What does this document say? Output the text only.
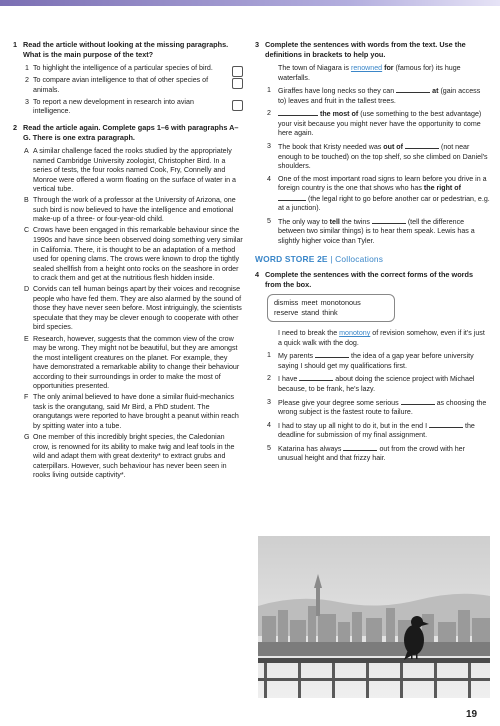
1 Read the article without looking at the missing paragraphs. What is the main purpose of the text?
1 To highlight the intelligence of a particular species of bird.
2 To compare avian intelligence to that of other species of animals.
3 To report a new development in research into avian intelligence.
2 Read the article again. Complete gaps 1–6 with paragraphs A–G. There is one extra paragraph.
A A similar challenge faced the rooks studied by the appropriately named Cambridge University zoologist, Christopher Bird. In a series of tests, the four rooks named Cook, Fry, Connelly and Monroe were offered a worm floating on the surface of water in a vertical tube.
B Through the work of a professor at the University of Arizona, one such bird is now believed to have the intelligence and emotional make-up of a three- or four-year-old child.
C Crows have been engaged in this remarkable behaviour since the 1990s and have since been observed doing something very similar in California. There, it is thought to be an adaptation of a method used for opening clams. The crows were known to drop the tightly sealed shellfish from a height onto rocks on the seashore in order to crack them and get at the nutritious flesh hidden inside.
D Corvids can tell human beings apart by their voices and recognise people who have fed them. They are also alarmed by the sound of those they have never seen before. Most intriguingly, the scientists speculate that they may be clever enough to cooperate with other bird species.
E Research, however, suggests that the common view of the crow may be wrong. They might not be beautiful, but they are amongst the most intelligent creatures on the planet. For example, they have demonstrated a remarkable ability to change their behaviour according to their surroundings in order to make the most of opportunities presented.
F The only animal believed to have done a similar fluid-mechanics task is the orangutang, said Mr Bird, a PhD student. The orangutangs were reported to have brought a peanut within reach by spitting water into a tube.
G One member of this incredibly bright species, the Caledonian crow, is renowned for its ability to make twig and leaf tools in the wild and adapt them with great dexterity* to extract grubs and caterpillars. However, such behaviour has never been seen in rooks living outside captivity*.
3 Complete the sentences with words from the text. Use the definitions in brackets to help you.
The town of Niagara is renowned for (famous for) its huge waterfalls.
1 Giraffes have long necks so they can	at (gain access to) leaves and fruit in the tallest trees.
2	the most of (use something to the best advantage) your visit because you might never have the opportunity to come here again.
3 The book that Kristy needed was out of	(not near enough to be touched) on the top shelf, so she climbed on Daniel's shoulders.
4 One of the most important road signs to learn before you drive in a foreign country is the one that shows who has the right of  (the legal right to go before another car or pedestrian, e.g. at a junction).
5 The only way to tell the twins	(tell the difference between two similar things) is to hear them speak. Lewis has a slightly higher voice than Tyler.
WORD STORE 2E | Collocations
4 Complete the sentences with the correct forms of the words from the box.
dismiss meet monotonous
reserve stand think
I need to break the monotony of revision somehow, even if it's just a quick walk with the dog.
1 My parents	the idea of a gap year before university saying I should get my qualifications first.
2 I have	about doing the science project with Michael because, to be frank, he's lazy.
3 Please give your degree some serious	as choosing the wrong subject is the fastest route to failure.
4 I had to stay up all night to do it, but in the end I	the deadline for submission of my final assignment.
5 Katarina has always	out from the crowd with her unusual height and that frizzy hair.
19
